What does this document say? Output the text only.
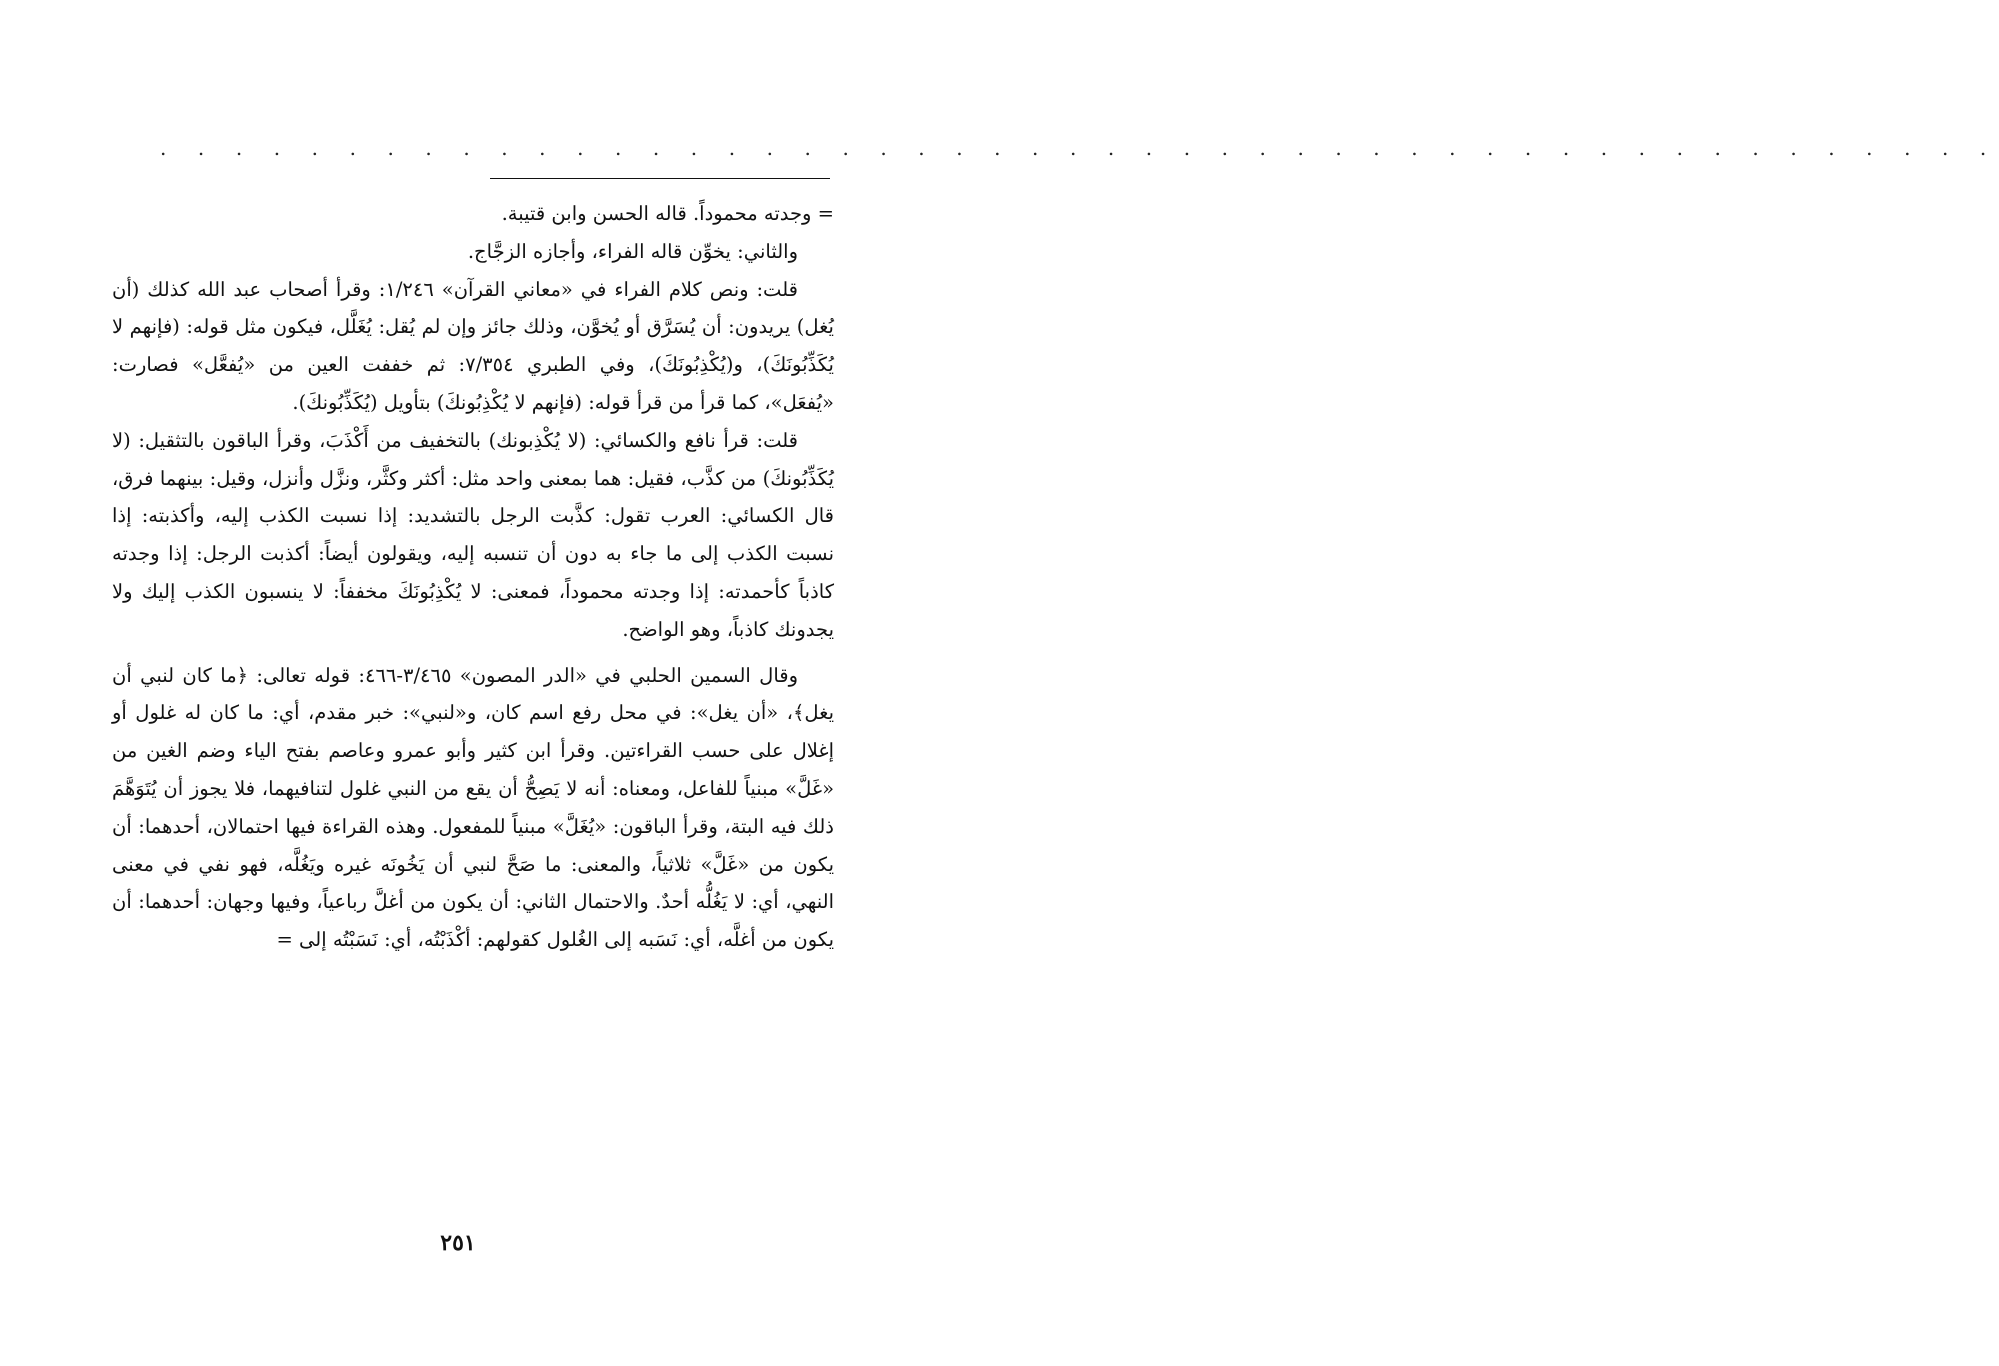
. . . . . . . . . . . . . . . . . . . . . . . . . . . . . . . . . . . . . . . . . . . . . . . . .

= وجدته محموداً. قاله الحسن وابن قتيبة.

والثاني: يخوِّن قاله الفراء، وأجازه الزجَّاج.

قلت: ونص كلام الفراء في «معاني القرآن» ١/٢٤٦: وقرأ أصحاب عبد الله كذلك (أن يُغل) يريدون: أن يُسَرَّق أو يُخوَّن، وذلك جائز وإن لم يُقل: يُغَلَّل، فيكون مثل قوله: (فإنهم لا يُكَذِّبُونَكَ)، و(يُكْذِبُونَكَ)، وفي الطبري ٧/٣٥٤: ثم خففت العين من «يُفعَّل» فصارت: «يُفعَل»، كما قرأ من قرأ قوله: (فإنهم لا يُكْذِبُونكَ) بتأويل (يُكَذِّبُونكَ).

قلت: قرأ نافع والكسائي: (لا يُكْذِبونك) بالتخفيف من أَكْذَبَ، وقرأ الباقون بالتثقيل: (لا يُكَذِّبُونكَ) من كذَّب، فقيل: هما بمعنى واحد مثل: أكثر وكثَّر، ونزَّل وأنزل، وقيل: بينهما فرق، قال الكسائي: العرب تقول: كذَّبت الرجل بالتشديد: إذا نسبت الكذب إليه، وأكذبته: إذا نسبت الكذب إلى ما جاء به دون أن تنسبه إليه، ويقولون أيضاً: أكذبت الرجل: إذا وجدته كاذباً كأحمدته: إذا وجدته محموداً، فمعنى: لا يُكْذِبُونَكَ مخففاً: لا ينسبون الكذب إليك ولا يجدونك كاذباً، وهو الواضح.

وقال السمين الحلبي في «الدر المصون» ٣/٤٦٥-٤٦٦: قوله تعالى: ﴿ما كان لنبي أن يغل﴾، «أن يغل»: في محل رفع اسم كان، و«لنبي»: خبر مقدم، أي: ما كان له غلول أو إغلال على حسب القراءتين. وقرأ ابن كثير وأبو عمرو وعاصم بفتح الياء وضم الغين من «غَلَّ» مبنياً للفاعل، ومعناه: أنه لا يَصِحُّ أن يقع من النبي غلول لتنافيهما، فلا يجوز أن يُتَوَهَّمَ ذلك فيه البتة، وقرأ الباقون: «يُغَلَّ» مبنياً للمفعول. وهذه القراءة فيها احتمالان، أحدهما: أن يكون من «غَلَّ» ثلاثياً، والمعنى: ما صَحَّ لنبي أن يَخُونَه غيره ويَغُلَّه، فهو نفي في معنى النهي، أي: لا يَغُلُّه أحدٌ. والاحتمال الثاني: أن يكون من أغلَّ رباعياً، وفيها وجهان: أحدهما: أن يكون من أغلَّه، أي: نَسَبه إلى الغُلول كقولهم: أكْذَبْتُه، أي: نَسَبْتُه إلى =

٢٥١
